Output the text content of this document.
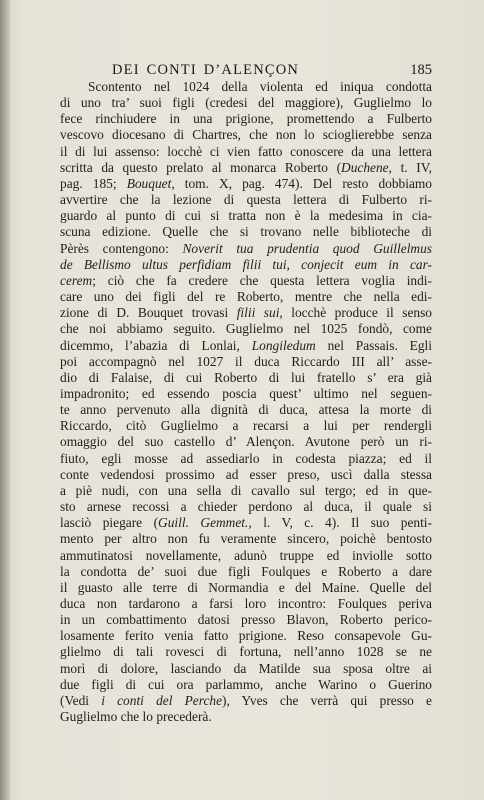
DEI CONTI D’ALENÇON	185
Scontento nel 1024 della violenta ed iniqua condotta
di uno tra’ suoi figli (credesi del maggiore), Guglielmo lo
fece rinchiudere in una prigione, promettendo a Fulberto
vescovo diocesano di Chartres, che non lo scioglierebbe senza
il di lui assenso: locchè ci vien fatto conoscere da una lettera
scritta da questo prelato al monarca Roberto (Duchene, t. IV,
pag. 185; Bouquet, tom. X, pag. 474). Del resto dobbiamo
avvertire che la lezione di questa lettera di Fulberto ri-
guardo al punto di cui si tratta non è la medesima in cia-
scuna edizione. Quelle che si trovano nelle biblioteche di
Pèrès contengono: Noverit tua prudentia quod Guillelmus
de Bellismo ultus perfidiam filii tui, conjecit eum in car-
cerem; ciò che fa credere che questa lettera voglia indi-
care uno dei figli del re Roberto, mentre che nella edi-
zione di D. Bouquet trovasi filii sui, locchè produce il senso
che noi abbiamo seguito. Guglielmo nel 1025 fondò, come
dicemmo, l’abazia di Lonlai, Longiledum nel Passais. Egli
poi accompagnò nel 1027 il duca Riccardo III all’ asse-
dio di Falaise, di cui Roberto di lui fratello s’ era già
impadronito; ed essendo poscia quest’ ultimo nel seguen-
te anno pervenuto alla dignità di duca, attesa la morte di
Riccardo, citò Guglielmo a recarsi a lui per rendergli
omaggio del suo castello d’ Alençon. Avutone però un ri-
fiuto, egli mosse ad assediarlo in codesta piazza; ed il
conte vedendosi prossimo ad esser preso, uscì dalla stessa
a piè nudi, con una sella di cavallo sul tergo; ed in que-
sto arnese recossi a chieder perdono al duca, il quale si
lasciò piegare (Guill. Gemmet., l. V, c. 4). Il suo penti-
mento per altro non fu veramente sincero, poichè bentosto
ammutinatosi novellamente, adunò truppe ed inviolle sotto
la condotta de’ suoi due figli Foulques e Roberto a dare
il guasto alle terre di Normandia e del Maine. Quelle del
duca non tardarono a farsi loro incontro: Foulques periva
in un combattimento datosi presso Blavon, Roberto perico-
losamente ferito venia fatto prigione. Reso consapevole Gu-
glielmo di tali rovesci di fortuna, nell’anno 1028 se ne
morì di dolore, lasciando da Matilde sua sposa oltre ai
due figli di cui ora parlammo, anche Warino o Guerino
(Vedi i conti del Perche), Yves che verrà qui presso e
Guglielmo che lo precederà.
